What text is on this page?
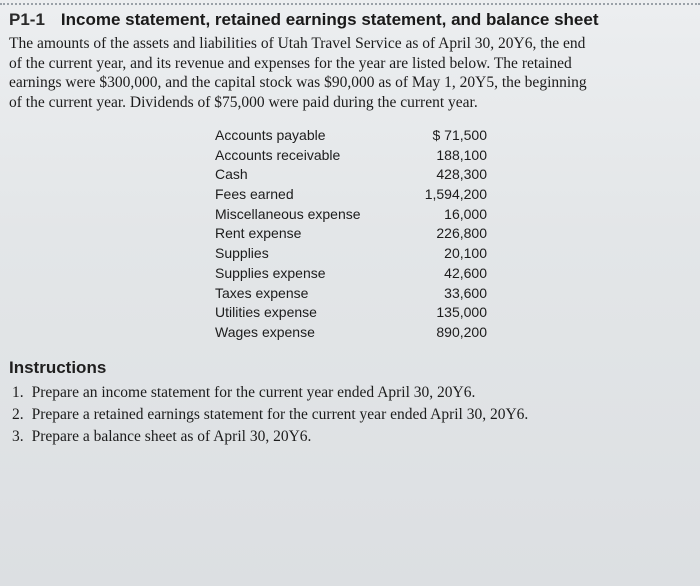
P1-1 Income statement, retained earnings statement, and balance sheet

The amounts of the assets and liabilities of Utah Travel Service as of April 30, 20Y6, the end
of the current year, and its revenue and expenses for the year are listed below. The retained
earnings were $300,000, and the capital stock was $90,000 as of May 1, 20Y5, the beginning
of the current year. Dividends of $75,000 were paid during the current year.

Accounts payable	$ 71,500
Accounts receivable	188,100
Cash	428,300
Fees earned	1,594,200
Miscellaneous expense	16,000
Rent expense	226,800
Supplies	20,100
Supplies expense	42,600
Taxes expense	33,600
Utilities expense	135,000
Wages expense	890,200
Instructions
1. Prepare an income statement for the current year ended April 30, 20Y6.
2. Prepare a retained earnings statement for the current year ended April 30, 20Y6.
3. Prepare a balance sheet as of April 30, 20Y6.
